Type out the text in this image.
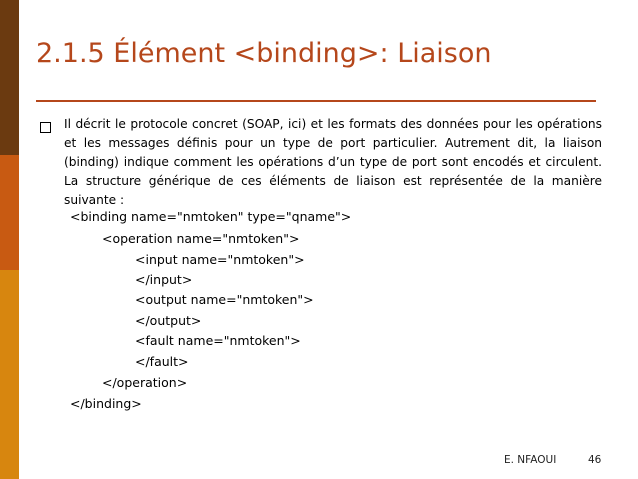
2.1.5 Élément <binding>: Liaison

Il décrit le protocole concret (SOAP, ici) et les formats des données pour les opérations et les messages définis pour un type de port particulier. Autrement dit, la liaison (binding) indique comment les opérations d’un type de port sont encodés et circulent. La structure générique de ces éléments de liaison est représentée de la manière suivante :

<binding name="nmtoken" type="qname">
<operation name="nmtoken">
<input name="nmtoken">
</input>
<output name="nmtoken">
</output>
<fault name="nmtoken">
</fault>
</operation>
</binding>
E. NFAOUI	46
